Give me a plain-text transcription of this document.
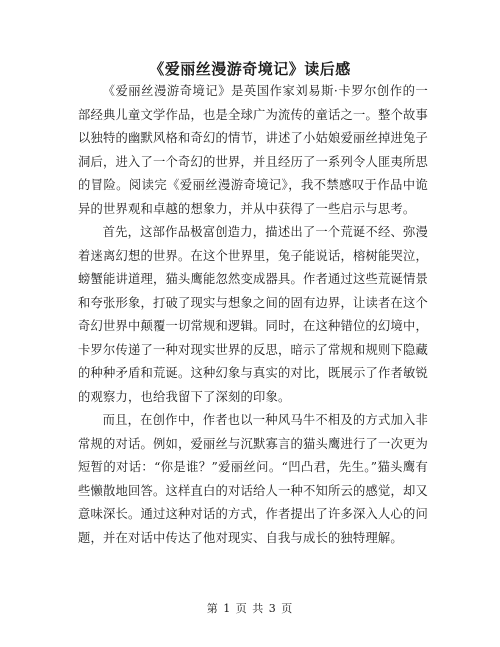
《爱丽丝漫游奇境记》读后感

《爱丽丝漫游奇境记》是英国作家刘易斯·卡罗尔创作的一部经典儿童文学作品，也是全球广为流传的童话之一。整个故事以独特的幽默风格和奇幻的情节，讲述了小姑娘爱丽丝掉进兔子洞后，进入了一个奇幻的世界，并且经历了一系列令人匪夷所思的冒险。阅读完《爱丽丝漫游奇境记》，我不禁感叹于作品中诡异的世界观和卓越的想象力，并从中获得了一些启示与思考。

首先，这部作品极富创造力，描述出了一个荒诞不经、弥漫着迷离幻想的世界。在这个世界里，兔子能说话，榕树能哭泣，螃蟹能讲道理，猫头鹰能忽然变成器具。作者通过这些荒诞情景和夸张形象，打破了现实与想象之间的固有边界，让读者在这个奇幻世界中颠覆一切常规和逻辑。同时，在这种错位的幻境中，卡罗尔传递了一种对现实世界的反思，暗示了常规和规则下隐藏的种种矛盾和荒诞。这种幻象与真实的对比，既展示了作者敏锐的观察力，也给我留下了深刻的印象。

而且，在创作中，作者也以一种风马牛不相及的方式加入非常规的对话。例如，爱丽丝与沉默寡言的猫头鹰进行了一次更为短暂的对话：“你是谁？”爱丽丝问。“凹凸君，先生。”猫头鹰有些懒散地回答。这样直白的对话给人一种不知所云的感觉，却又意味深长。通过这种对话的方式，作者提出了许多深入人心的问题，并在对话中传达了他对现实、自我与成长的独特理解。

第 1 页 共 3 页
